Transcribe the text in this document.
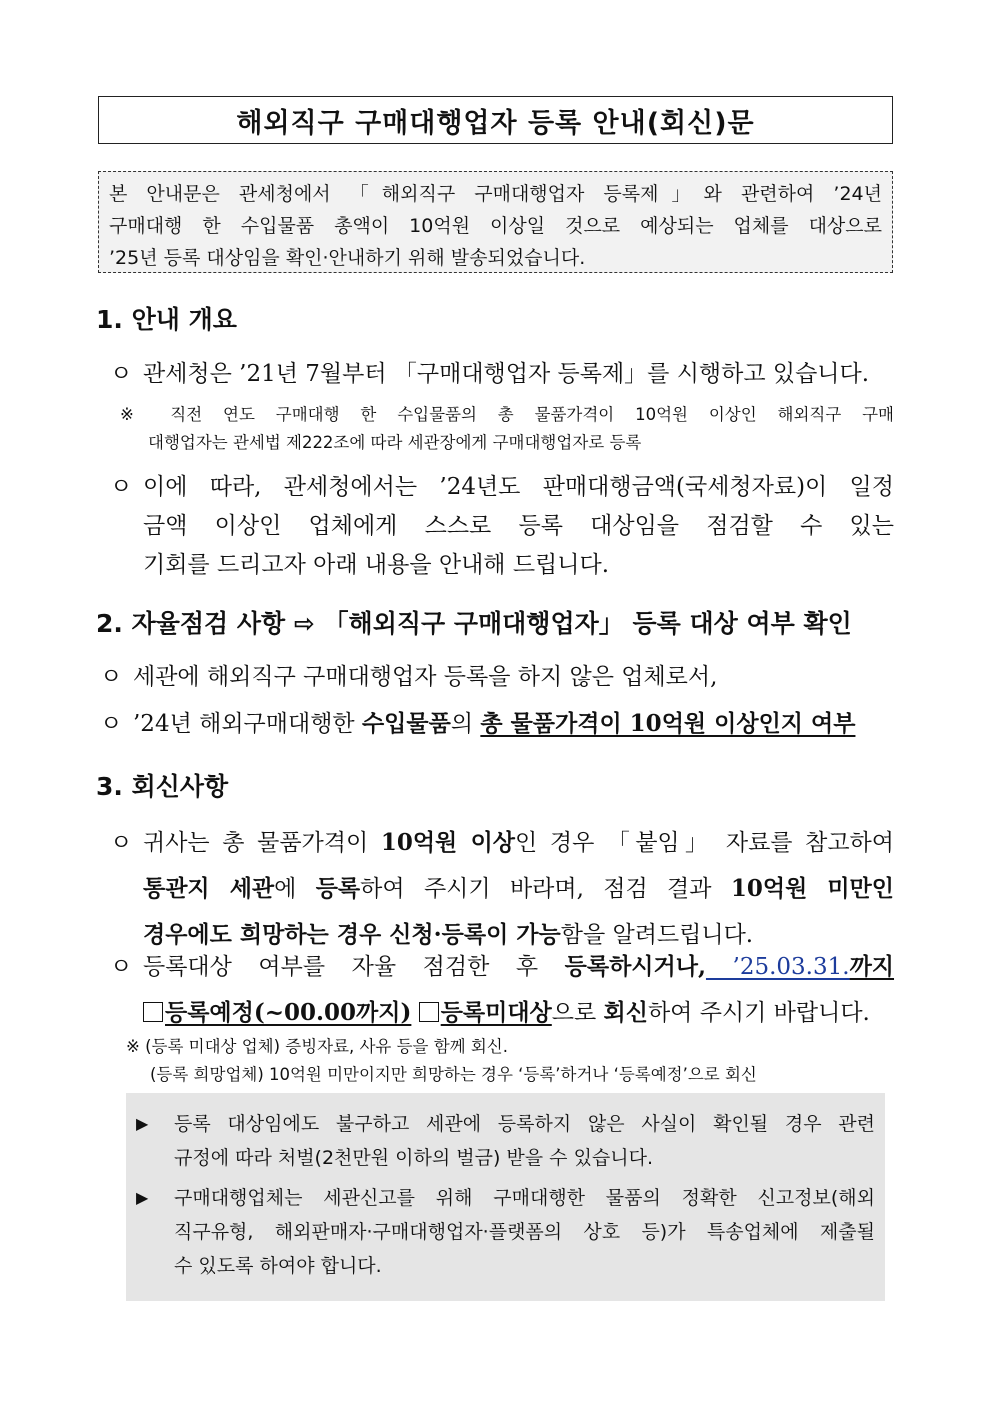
해외직구 구매대행업자 등록 안내(회신)문
본 안내문은 관세청에서 「해외직구 구매대행업자 등록제」와 관련하여 ’24년
구매대행 한 수입물품 총액이 10억원 이상일 것으로 예상되는 업체를 대상으로
’25년 등록 대상임을 확인·안내하기 위해 발송되었습니다.
1. 안내 개요
ㅇ 관세청은 ’21년 7월부터 「구매대행업자 등록제」를 시행하고 있습니다.
※ 직전 연도 구매대행 한 수입물품의 총 물품가격이 10억원 이상인 해외직구 구매
대행업자는 관세법 제222조에 따라 세관장에게 구매대행업자로 등록
ㅇ 이에 따라, 관세청에서는 ’24년도 판매대행금액(국세청자료)이 일정
금액 이상인 업체에게 스스로 등록 대상임을 점검할 수 있는
기회를 드리고자 아래 내용을 안내해 드립니다.
2. 자율점검 사항 ⇨ 「해외직구 구매대행업자」 등록 대상 여부 확인
ㅇ 세관에 해외직구 구매대행업자 등록을 하지 않은 업체로서,
ㅇ ’24년 해외구매대행한 수입물품의 총 물품가격이 10억원 이상인지 여부
3. 회신사항
ㅇ 귀사는 총 물품가격이 10억원 이상인 경우 「붙임」 자료를 참고하여
통관지 세관에 등록하여 주시기 바라며, 점검 결과 10억원 미만인
경우에도 희망하는 경우 신청·등록이 가능함을 알려드립니다.
ㅇ 등록대상 여부를 자율 점검한 후 등록하시거나, ’25.03.31.까지
등록예정(~00.00까지) 등록미대상으로 회신하여 주시기 바랍니다.
※ (등록 미대상 업체) 증빙자료, 사유 등을 함께 회신.
(등록 희망업체) 10억원 미만이지만 희망하는 경우 ‘등록’하거나 ‘등록예정’으로 회신
▶ 등록 대상임에도 불구하고 세관에 등록하지 않은 사실이 확인될 경우 관련
규정에 따라 처벌(2천만원 이하의 벌금) 받을 수 있습니다.
▶ 구매대행업체는 세관신고를 위해 구매대행한 물품의 정확한 신고정보(해외
직구유형, 해외판매자·구매대행업자·플랫폼의 상호 등)가 특송업체에 제출될
수 있도록 하여야 합니다.
